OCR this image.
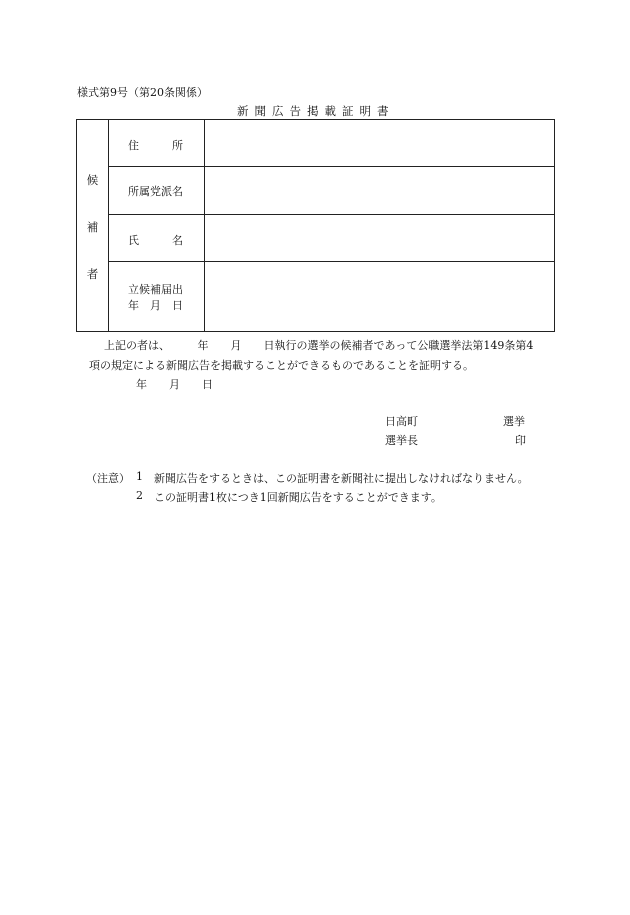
様式第9号（第20条関係）
新聞広告掲載証明書
候
補
者
住　　　所
所属党派名
氏　　　名
立候補届出
年　月　日
上記の者は、　　　年　　月　　日執行の選挙の候補者であって公職選挙法第149条第4
項の規定による新聞広告を掲載することができるものであることを証明する。
年　　月　　日
日高町	選挙
選挙長	印
（注意） 1 新聞広告をするときは、この証明書を新聞社に提出しなければなりません。
2 この証明書1枚につき1回新聞広告をすることができます。
